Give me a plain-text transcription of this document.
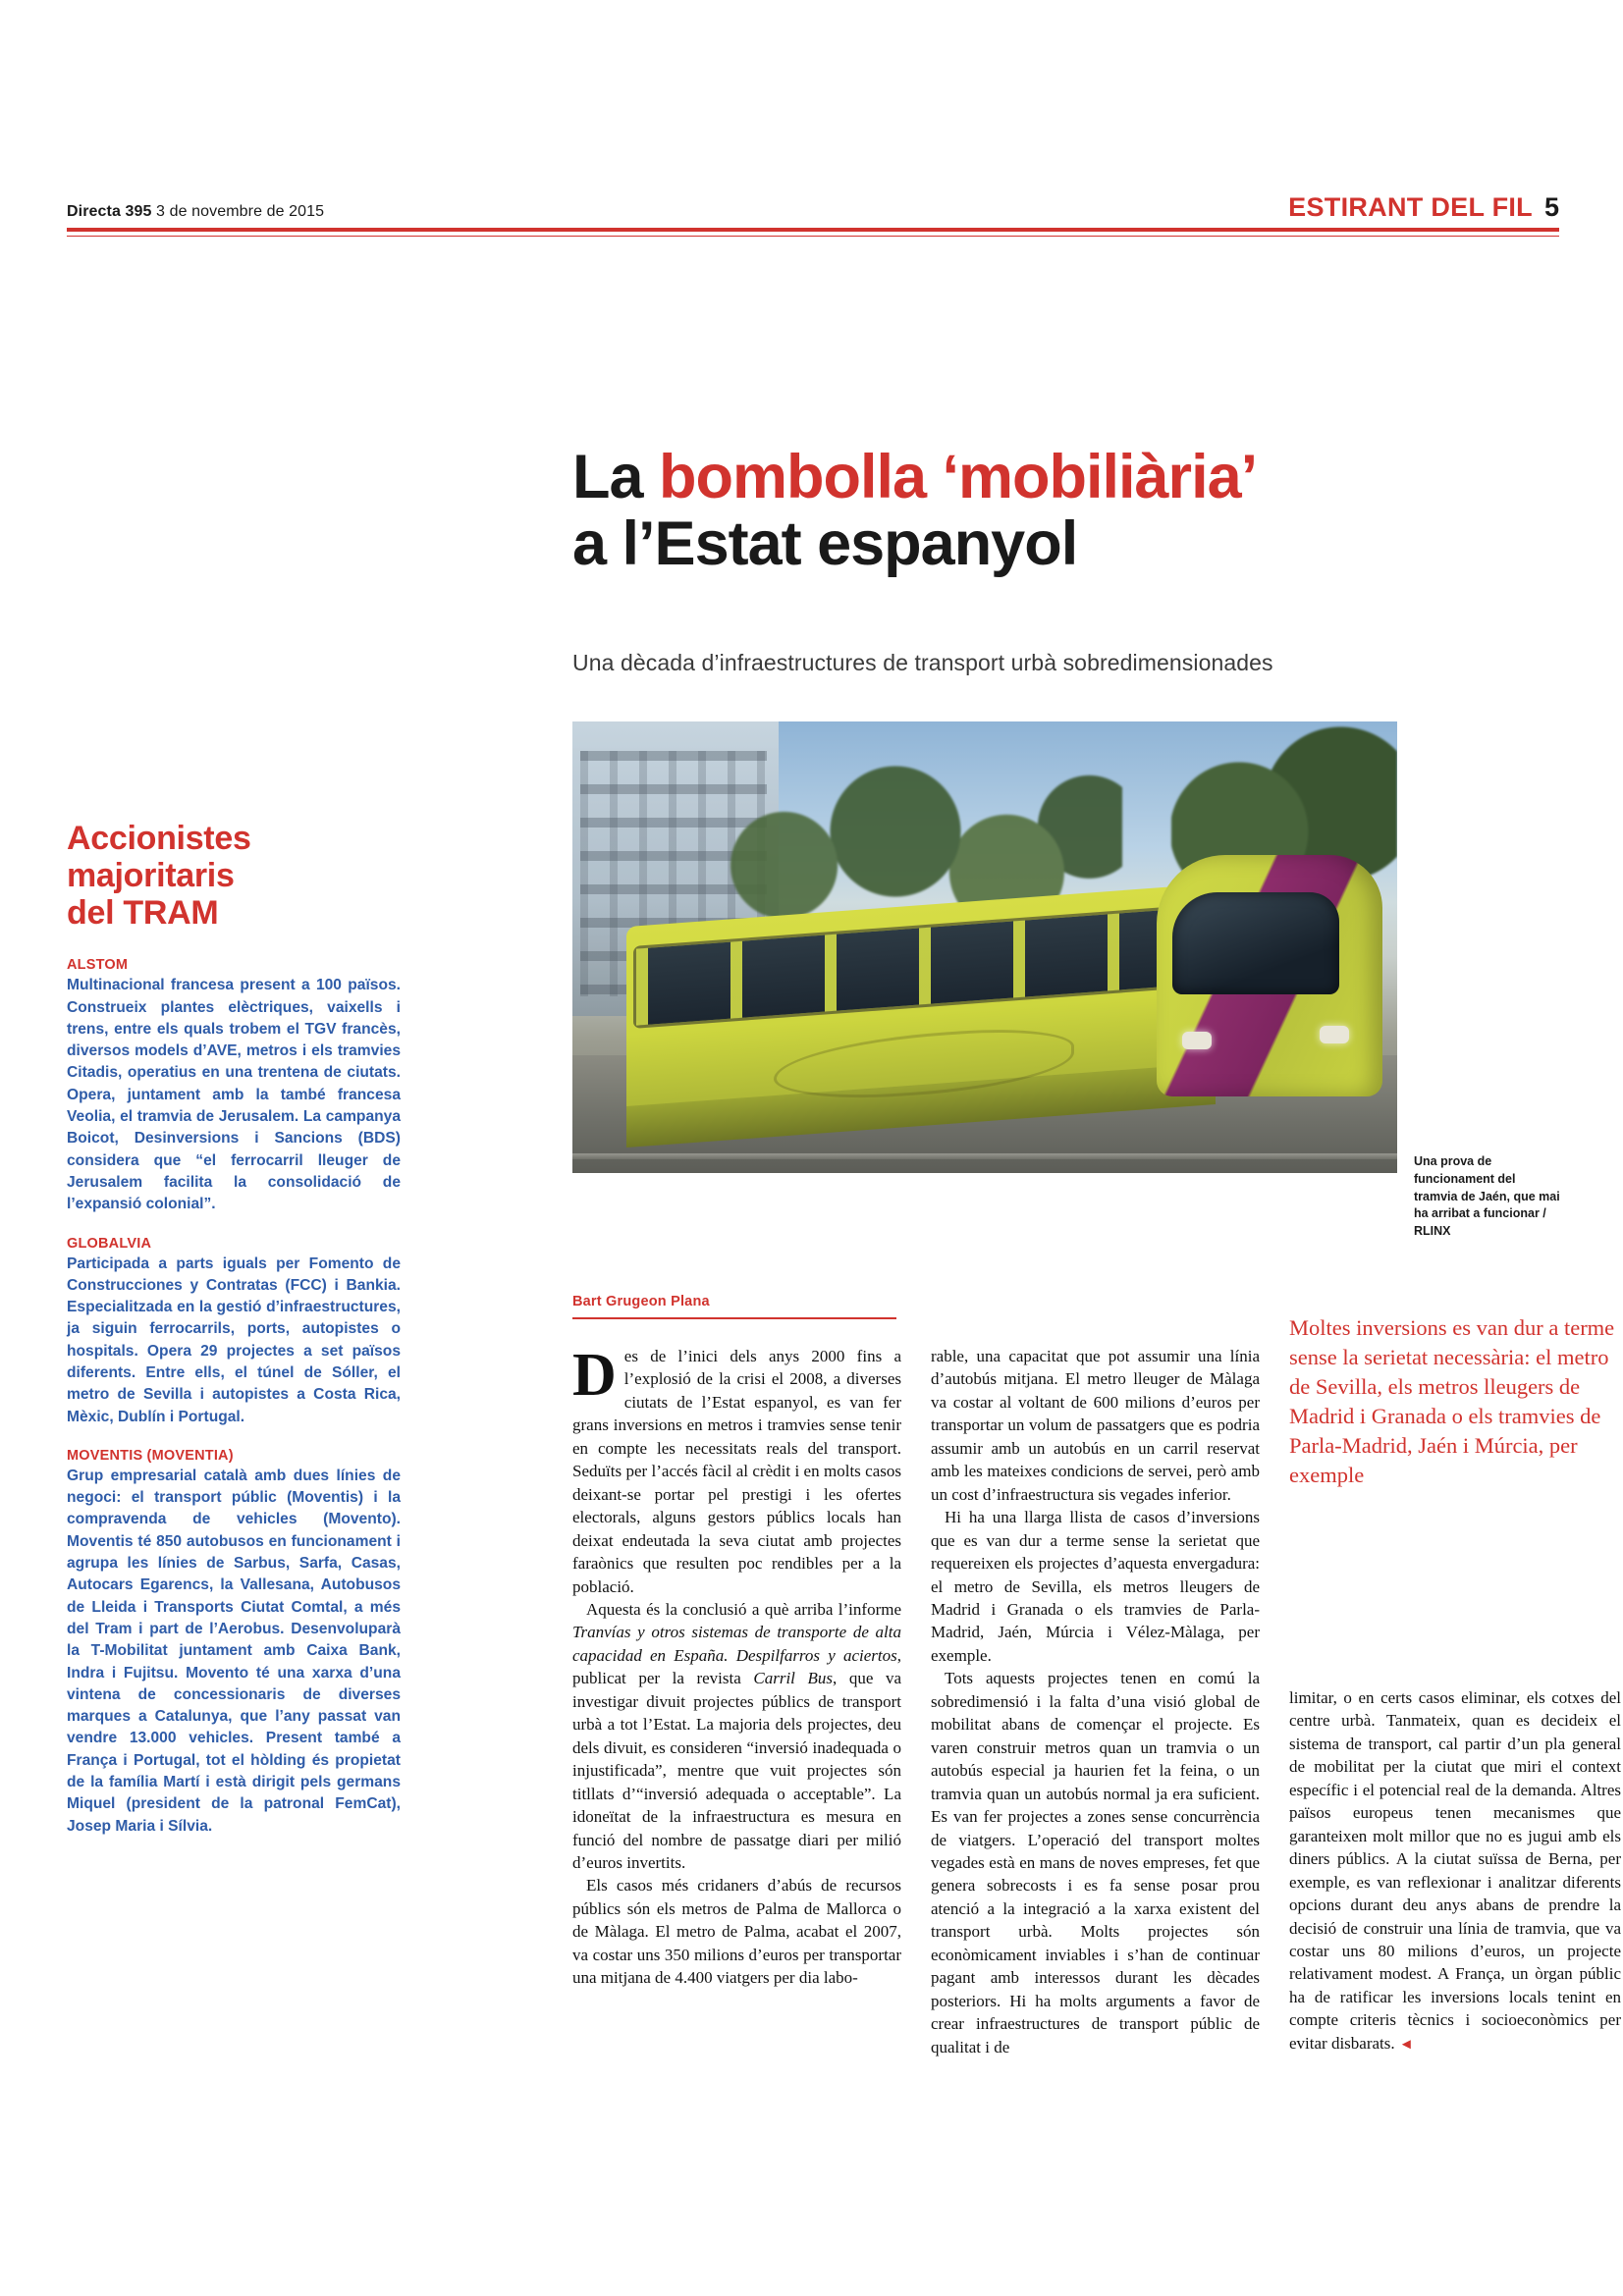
Directa 395 3 de novembre de 2015	ESTIRANT DEL FIL 5
La bombolla ‘mobiliària’
a l’Estat espanyol
Una dècada d’infraestructures de transport urbà sobredimensionades
Una prova de funcionament del tramvia de Jaén, que mai ha arribat a funcionar / RLINX
Accionistes
majoritaris
del TRAM
ALSTOM

Multinacional francesa present a 100 països. Construeix plantes elèctriques, vaixells i trens, entre els quals trobem el TGV francès, diversos models d’AVE, metros i els tramvies Citadis, operatius en una trentena de ciutats. Opera, juntament amb la també francesa Veolia, el tramvia de Jerusalem. La campanya Boicot, Desinversions i Sancions (BDS) considera que “el ferrocarril lleuger de Jerusalem facilita la consolidació de l’expansió colonial”.

GLOBALVIA

Participada a parts iguals per Fomento de Construcciones y Contratas (FCC) i Bankia. Especialitzada en la gestió d’infraestructures, ja siguin ferrocarrils, ports, autopistes o hospitals. Opera 29 projectes a set països diferents. Entre ells, el túnel de Sóller, el metro de Sevilla i autopistes a Costa Rica, Mèxic, Dublín i Portugal.

MOVENTIS (MOVENTIA)

Grup empresarial català amb dues línies de negoci: el transport públic (Moventis) i la compravenda de vehicles (Movento). Moventis té 850 autobusos en funcionament i agrupa les línies de Sarbus, Sarfa, Casas, Autocars Egarencs, la Vallesana, Autobusos de Lleida i Transports Ciutat Comtal, a més del Tram i part de l’Aerobus. Desenvoluparà la T-Mobilitat juntament amb Caixa Bank, Indra i Fujitsu. Movento té una xarxa d’una vintena de concessionaris de diverses marques a Catalunya, que l’any passat van vendre 13.000 vehicles. Present també a França i Portugal, tot el hòlding és propietat de la família Martí i està dirigit pels germans Miquel (president de la patronal FemCat), Josep Maria i Sílvia.

Bart Grugeon Plana

Des de l’inici dels anys 2000 fins a l’explosió de la crisi el 2008, a diverses ciutats de l’Estat espanyol, es van fer grans inversions en metros i tramvies sense tenir en compte les necessitats reals del transport. Seduïts per l’accés fàcil al crèdit i en molts casos deixant-se portar pel prestigi i les ofertes electorals, alguns gestors públics locals han deixat endeutada la seva ciutat amb projectes faraònics que resulten poc rendibles per a la població.

Aquesta és la conclusió a què arriba l’informe Tranvías y otros sistemas de transporte de alta capacidad en España. Despilfarros y aciertos, publicat per la revista Carril Bus, que va investigar divuit projectes públics de transport urbà a tot l’Estat. La majoria dels projectes, deu dels divuit, es consideren “inversió inadequada o injustificada”, mentre que vuit projectes són titllats d’“inversió adequada o acceptable”. La idoneïtat de la infraestructura es mesura en funció del nombre de passatge diari per milió d’euros invertits.

Els casos més cridaners d’abús de recursos públics són els metros de Palma de Mallorca o de Màlaga. El metro de Palma, acabat el 2007, va costar uns 350 milions d’euros per transportar una mitjana de 4.400 viatgers per dia labo-

rable, una capacitat que pot assumir una línia d’autobús mitjana. El metro lleuger de Màlaga va costar al voltant de 600 milions d’euros per transportar un volum de passatgers que es podria assumir amb un autobús en un carril reservat amb les mateixes condicions de servei, però amb un cost d’infraestructura sis vegades inferior.

Hi ha una llarga llista de casos d’inversions que es van dur a terme sense la serietat que requereixen els projectes d’aquesta envergadura: el metro de Sevilla, els metros lleugers de Madrid i Granada o els tramvies de Parla-Madrid, Jaén, Múrcia i Vélez-Màlaga, per exemple.

Tots aquests projectes tenen en comú la sobredimensió i la falta d’una visió global de mobilitat abans de començar el projecte. Es varen construir metros quan un tramvia o un autobús especial ja haurien fet la feina, o un tramvia quan un autobús normal ja era suficient. Es van fer projectes a zones sense concurrència de viatgers. L’operació del transport moltes vegades està en mans de noves empreses, fet que genera sobrecosts i es fa sense posar prou atenció a la integració a la xarxa existent del transport urbà. Molts projectes són econòmicament inviables i s’han de continuar pagant amb interessos durant les dècades posteriors. Hi ha molts arguments a favor de crear infraestructures de transport públic de qualitat i de

Moltes inversions es van dur a terme sense la serietat necessària: el metro de Sevilla, els metros lleugers de Madrid i Granada o els tramvies de Parla-Madrid, Jaén i Múrcia, per exemple

limitar, o en certs casos eliminar, els cotxes del centre urbà. Tanmateix, quan es decideix el sistema de transport, cal partir d’un pla general de mobilitat per la ciutat que miri el context específic i el potencial real de la demanda. Altres països europeus tenen mecanismes que garanteixen molt millor que no es jugui amb els diners públics. A la ciutat suïssa de Berna, per exemple, es van reflexionar i analitzar diferents opcions durant deu anys abans de prendre la decisió de construir una línia de tramvia, que va costar uns 80 milions d’euros, un projecte relativament modest. A França, un òrgan públic ha de ratificar les inversions locals tenint en compte criteris tècnics i socioeconòmics per evitar disbarats. ◄
